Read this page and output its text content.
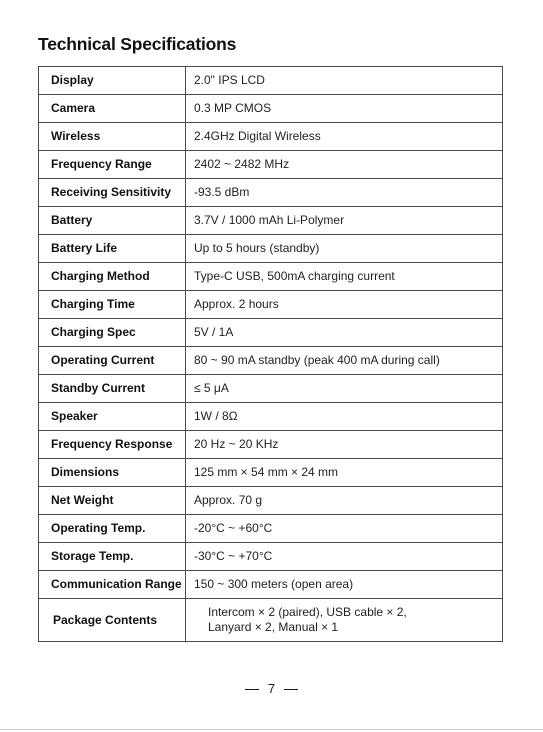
Technical Specifications
Display	2.0" IPS LCD

Camera	0.3 MP CMOS

Wireless	2.4GHz Digital Wireless

Frequency Range	2402 ~ 2482 MHz

Receiving Sensitivity	-93.5 dBm

Battery	3.7V / 1000 mAh Li-Polymer

Battery Life	Up to 5 hours (standby)

Charging Method	Type-C USB, 500mA charging current

Charging Time	Approx. 2 hours

Charging Spec	5V / 1A

Operating Current	80 ~ 90 mA standby (peak 400 mA during call)

Standby Current	≤ 5 μA

Speaker	1W / 8Ω

Frequency Response	20 Hz ~ 20 KHz

Dimensions	125 mm × 54 mm × 24 mm

Net Weight	Approx. 70 g

Operating Temp.	-20°C ~ +60°C

Storage Temp.	-30°C ~ +70°C

Communication Range	150 ~ 300 meters (open area)

Package Contents	Intercom × 2 (paired), USB cable × 2,
Lanyard × 2, Manual × 1
7
